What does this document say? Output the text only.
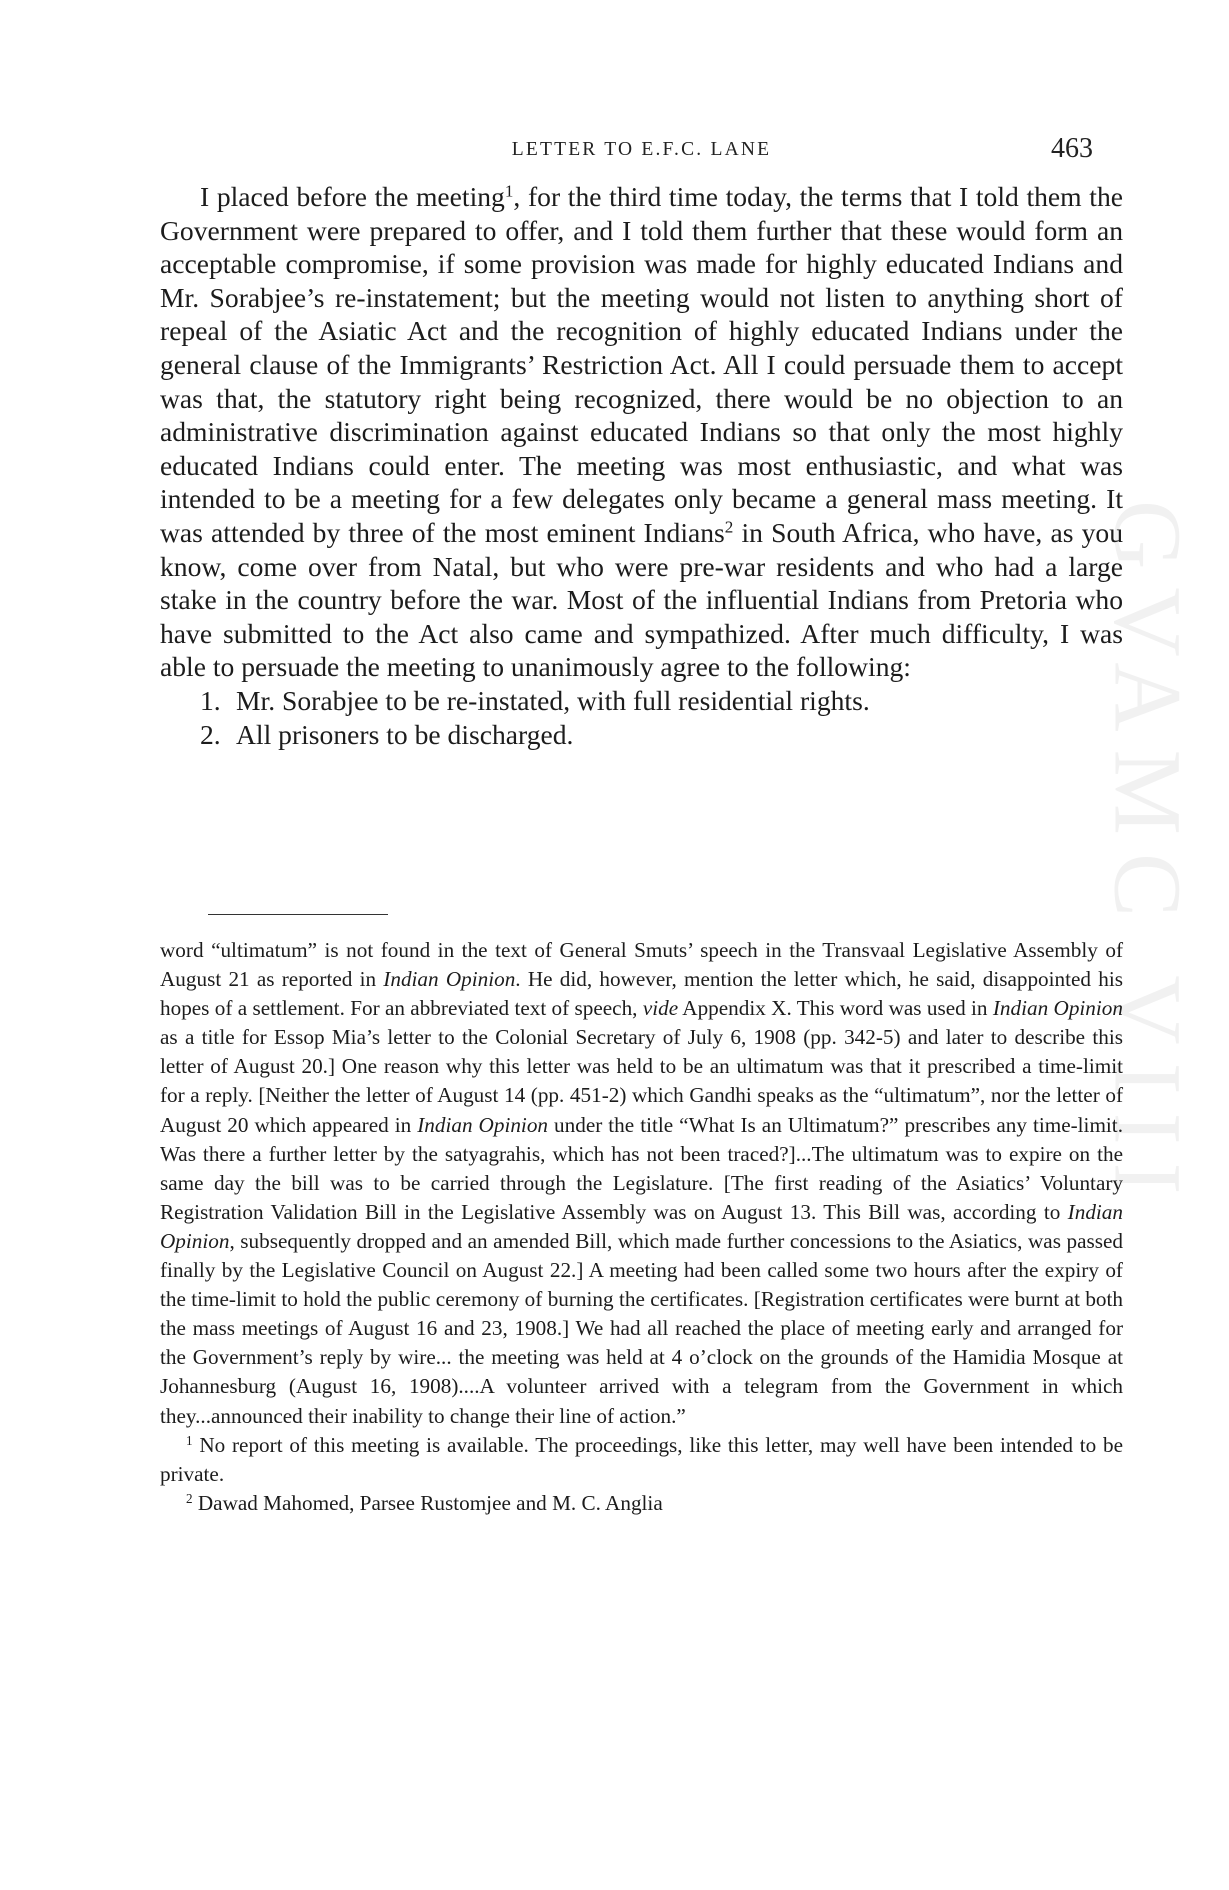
GVAMC VIII
LETTER TO E.F.C. LANE	463

I placed before the meeting$^1$, for the third time today, the terms that I told them the Government were prepared to offer, and I told them further that these would form an acceptable compromise, if some provision was made for highly educated Indians and Mr. Sorabjee’s re-instatement; but the meeting would not listen to anything short of repeal of the Asiatic Act and the recognition of highly educated Indians under the general clause of the Immigrants’ Restriction Act. All I could persuade them to accept was that, the statutory right being recognized, there would be no objection to an administrative discrimination against educated Indians so that only the most highly educated Indians could enter. The meeting was most enthusiastic, and what was intended to be a meeting for a few delegates only became a general mass meeting. It was attended by three of the most eminent Indians$^2$ in South Africa, who have, as you know, come over from Natal, but who were pre-war residents and who had a large stake in the country before the war. Most of the influential Indians from Pretoria who have submitted to the Act also came and sympathized. After much difficulty, I was able to persuade the meeting to unanimously agree to the following:

1. Mr. Sorabjee to be re-instated, with full residential rights.
2. All prisoners to be discharged.

word “ultimatum” is not found in the text of General Smuts’ speech in the Transvaal Legislative Assembly of August 21 as reported in Indian Opinion. He did, however, mention the letter which, he said, disappointed his hopes of a settlement. For an abbreviated text of speech, vide Appendix X. This word was used in Indian Opinion as a title for Essop Mia’s letter to the Colonial Secretary of July 6, 1908 (pp. 342-5) and later to describe this letter of August 20.] One reason why this letter was held to be an ultimatum was that it prescribed a time-limit for a reply. [Neither the letter of August 14 (pp. 451-2) which Gandhi speaks as the “ultimatum”, nor the letter of August 20 which appeared in Indian Opinion under the title “What Is an Ultimatum?” prescribes any time-limit. Was there a further letter by the satyagrahis, which has not been traced?]...The ultimatum was to expire on the same day the bill was to be carried through the Legislature. [The first reading of the Asiatics’ Voluntary Registration Validation Bill in the Legislative Assembly was on August 13. This Bill was, according to Indian Opinion, subsequently dropped and an amended Bill, which made further concessions to the Asiatics, was passed finally by the Legislative Council on August 22.] A meeting had been called some two hours after the expiry of the time-limit to hold the public ceremony of burning the certificates. [Registration certificates were burnt at both the mass meetings of August 16 and 23, 1908.] We had all reached the place of meeting early and arranged for the Government’s reply by wire... the meeting was held at 4 o’clock on the grounds of the Hamidia Mosque at Johannesburg (August 16, 1908)....A volunteer arrived with a telegram from the Government in which they...announced their inability to change their line of action.”

$^1$ No report of this meeting is available. The proceedings, like this letter, may well have been intended to be private.

$^2$ Dawad Mahomed, Parsee Rustomjee and M. C. Anglia
